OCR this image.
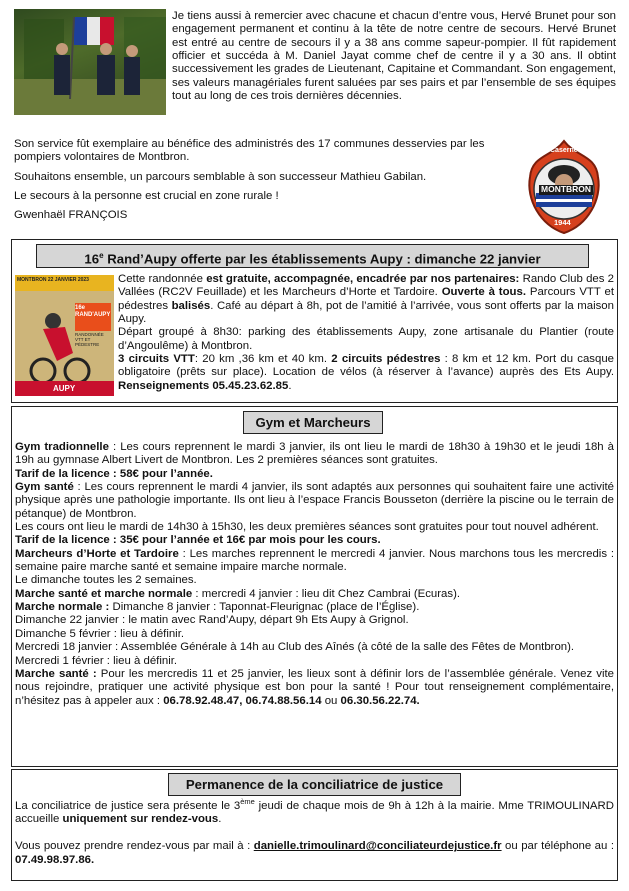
Je tiens aussi à remercier avec chacune et chacun d’entre vous, Hervé Brunet pour son engagement permanent et continu à la tête de notre centre de secours. Hervé Brunet est entré au centre de secours il y a 38 ans comme sapeur-pompier. Il fût rapidement officier et succéda à M. Daniel Jayat comme chef de centre il y a 30 ans. Il obtint successivement les grades de Lieutenant, Capitaine et Commandant. Son engagement, ses valeurs managériales furent saluées par ses pairs et par l’ensemble de ses équipes tout au long de ces trois dernières décennies.

Son service fût exemplaire au bénéfice des administrés des 17 communes desservies par les pompiers volontaires de Montbron.

Souhaitons ensemble, un parcours semblable à son successeur Mathieu Gabilan.

Le secours à la personne est crucial en zone rurale !

Gwenhaël FRANÇOIS

Caserne
MONTBRON
1944
16e Rand’Aupy offerte par les établissements Aupy : dimanche 22 janvier
MONTBRON 22 JANVIER 2023
16e RAND'AUPY
RANDONNÉE VTT ET PÉDESTRE
AUPY

Cette randonnée est gratuite, accompagnée, encadrée par nos partenaires: Rando Club des 2 Vallées (RC2V Feuillade) et les Marcheurs d’Horte et Tardoire. Ouverte à tous. Parcours VTT et pédestres balisés. Café au départ à 8h, pot de l’amitié à l’arrivée, vous sont offerts par la maison Aupy.

Départ groupé à 8h30: parking des établissements Aupy, zone artisanale du Plantier (route d’Angoulême) à Montbron.

3 circuits VTT: 20 km ,36 km et 40 km. 2 circuits pédestres : 8 km et 12 km. Port du casque obligatoire (prêts sur place). Location de vélos (à réserver à l’avance) auprès des Ets Aupy. Renseignements 05.45.23.62.85.

Gym et Marcheurs

Gym tradionnelle : Les cours reprennent le mardi 3 janvier, ils ont lieu le mardi de 18h30 à 19h30 et le jeudi 18h à 19h au gymnase Albert Livert de Montbron. Les 2 premières séances sont gratuites.

Tarif de la licence : 58€ pour l’année.

Gym santé : Les cours reprennent le mardi 4 janvier, ils sont adaptés aux personnes qui souhaitent faire une activité physique après une pathologie importante. Ils ont lieu à l’espace Francis Bousseton (derrière la piscine ou le terrain de pétanque) de Montbron.

Les cours ont lieu le mardi de 14h30 à 15h30, les deux premières séances sont gratuites pour tout nouvel adhérent.

Tarif de la licence : 35€ pour l’année et 16€ par mois pour les cours.

Marcheurs d’Horte et Tardoire : Les marches reprennent le mercredi 4 janvier. Nous marchons tous les mercredis : semaine paire marche santé et semaine impaire marche normale.

Le dimanche toutes les 2 semaines.

Marche santé et marche normale : mercredi 4 janvier : lieu dit Chez Cambrai (Ecuras).

Marche normale : Dimanche 8 janvier : Taponnat-Fleurignac (place de l’Église).

Dimanche 22 janvier : le matin avec Rand’Aupy, départ 9h Ets Aupy à Grignol.

Dimanche 5 février : lieu à définir.

Mercredi 18 janvier : Assemblée Générale à 14h au Club des Aînés (à côté de la salle des Fêtes de Montbron).

Mercredi 1 février : lieu à définir.

Marche santé : Pour les mercredis 11 et 25 janvier, les lieux sont à définir lors de l’assemblée générale. Venez vite nous rejoindre, pratiquer une activité physique est bon pour la santé ! Pour tout renseignement complémentaire, n’hésitez pas à appeler aux : 06.78.92.48.47, 06.74.88.56.14 ou 06.30.56.22.74.

Permanence de la conciliatrice de justice

La conciliatrice de justice sera présente le 3ème jeudi de chaque mois de 9h à 12h à la mairie. Mme TRIMOULINARD accueille uniquement sur rendez-vous.

Vous pouvez prendre rendez-vous par mail à : danielle.trimoulinard@conciliateurdejustice.fr ou par téléphone au : 07.49.98.97.86.
